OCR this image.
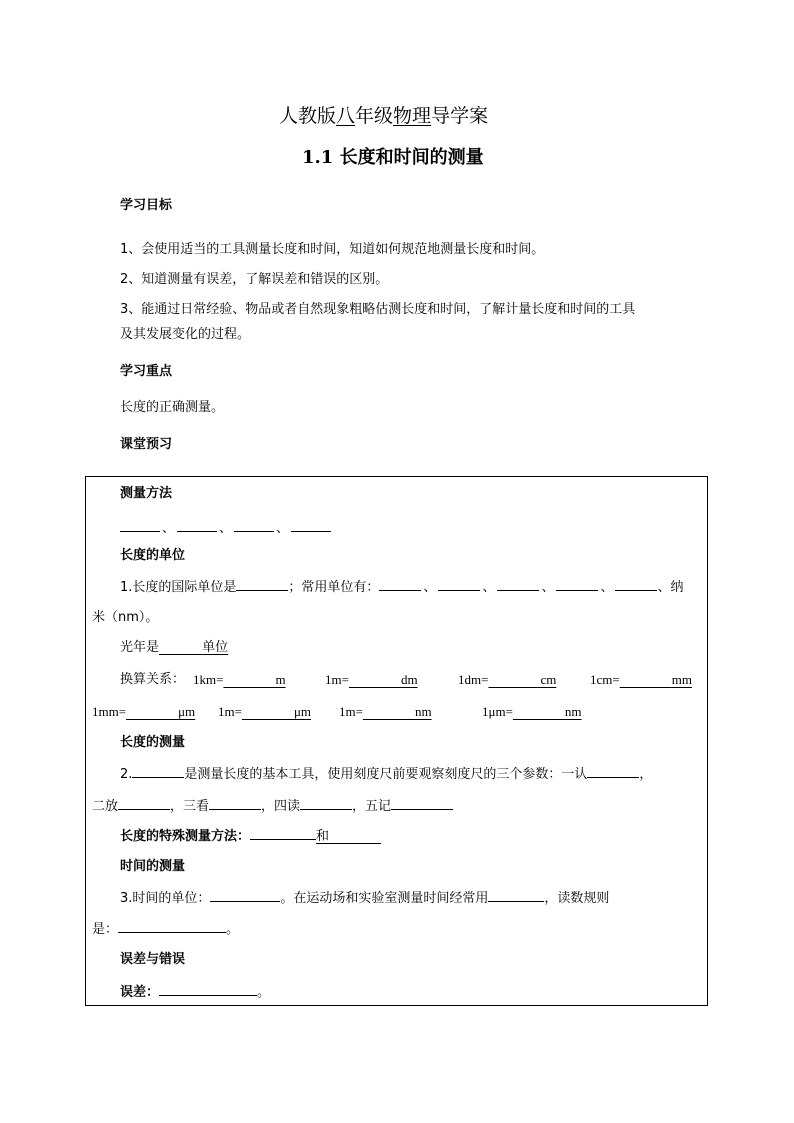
人教版八年级物理导学案
1.1 长度和时间的测量
学习目标
1、会使用适当的工具测量长度和时间，知道如何规范地测量长度和时间。
2、知道测量有误差，了解误差和错误的区别。
3、能通过日常经验、物品或者自然现象粗略估测长度和时间，了解计量长度和时间的工具
及其发展变化的过程。
学习重点
长度的正确测量。
课堂预习
测量方法
、	、	、
长度的单位
1.长度的国际单位是	；常用单位有：	、	、	、	、	、纳
米（nm）。
光年是    	单位
换算关系： 1km=    	m	1m=    	dm	1dm=    	cm	1cm=    	mm
1mm=    	μm 1m=    	μm 1m=    	nm	1μm=    	nm
长度的测量
2.	是测量长度的基本工具，使用刻度尺前要观察刻度尺的三个参数：一认	，
二放	，三看	，四读	，五记
长度的特殊测量方法：	和    
时间的测量
3.时间的单位：	。在运动场和实验室测量时间经常用	，读数规则
是：	。
误差与错误
误差：	。
